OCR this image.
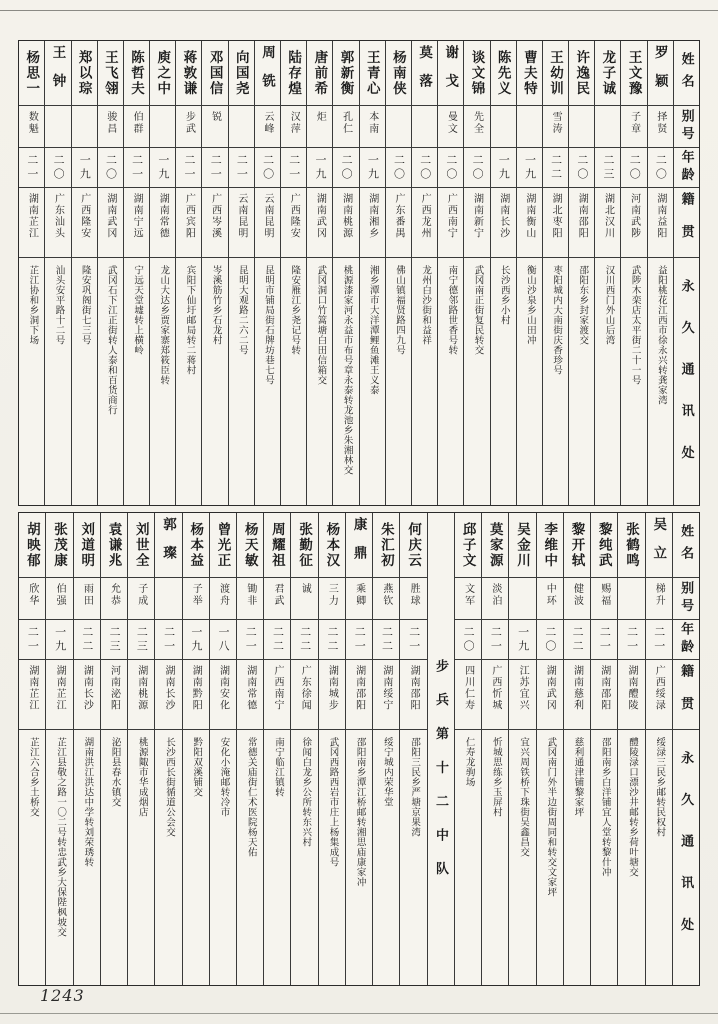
姓名
别号
年龄
籍贯
永久通讯处
罗颖
择贤
二〇
湖南益阳
益阳桃花江西市徐永兴转龚家湾
王文豫
子章
二〇
河南武陟
武陟木栾店太平街二十一号
龙子诚
二三
湖北汉川
汉川西门外山后湾
许逸民
二〇
湖南邵阳
邵阳东乡封家渡交
王幼训
雪涛
二二
湖北枣阳
枣阳城内大南街庆香珍号
曹夫特
一九
湖南衡山
衡山沙泉乡山田冲
陈先义
一九
湖南长沙
长沙西乡小村
谈文锦
先全
二〇
湖南新宁
武冈南正街复民转交
谢戈
曼文
二〇
广西南宁
南宁德邻路世香号转
莫落
二〇
广西龙州
龙州白沙街和益祥
杨南侠
二〇
广东番禺
佛山镇福贤路四九号
王青心
本南
一九
湖南湘乡
湘乡潭市大洋潭鲤鱼滩王义泰
郭新衡
孔仁
二〇
湖南桃源
桃源漆家河永益市布号章永泰转龙池乡朱湘林交
唐前希
炬
一九
湖南武冈
武冈洞口竹篙塘白田信箱交
陆存煌
汉萍
二一
广西隆安
隆安雁江乡尧记号转
周铣
云峰
二〇
云南昆明
昆明市铺局街石牌坊巷七号
向国尧
二一
云南昆明
昆明大观路二六二号
邓国信
锐
二一
广西岑溪
岑溪筋竹乡石龙村
蒋敦谦
步武
二一
广西宾阳
宾阳下仙圩邮局转二蒋村
庾之中
一九
湖南常德
龙山大达乡贾家寨郑筱臣转
陈哲夫
伯群
二一
湖南宁远
宁远天堂墟转上横岭
王飞翎
骏昌
二〇
湖南武冈
武冈石下江正街转人泰和百货商行
郑以琮
一九
广西隆安
隆安巩阁街七三号
王钟
二〇
广东汕头
汕头安平路十二号
杨思一
数魁
二一
湖南芷江
芷江协和乡洞下场
姓名
别号
年龄
籍贯
永久通讯处
吴立
梯升
二一
广西绥渌
绥渌三民乡邮转民权村
张鹤鸣
二一
湖南醴陵
醴陵渌口漂沙井邮转乡荷叶塘交
黎纯武
赐福
二一
湖南邵阳
邵阳南乡白洋铺宜人堂转黎什冲
黎开轼
健波
二二
湖南慈利
慈利通津铺黎家坪
李维中
中环
二〇
湖南武冈
武冈南门外半边街周同和转交文家坪
吴金川
一九
江苏宜兴
宜兴周铁桥下珠街吴鑫昌交
莫家源
淡泊
二一
广西忻城
忻城思练乡玉屏村
邱子文
文军
二〇
四川仁寿
仁寿龙驹场
步兵第十二中队
何庆云
胜球
二一
湖南邵阳
邵阳三民乡严塘京果湾
朱汇初
燕钦
二二
湖南绥宁
绥宁城内荣华堂
康鼎
乘卿
二一
湖南邵阳
邵阳南乡潭江桥邮转湘思庙康家冲
杨本汉
三力
二二
湖南城步
武冈西路西岩市庄上杨集成号
张勤征
诚
二二
广东徐闻
徐闻白龙乡公所转东兴村
周耀祖
君武
二二
广西南宁
南宁临江镇转
杨天敏
锄非
二一
湖南常德
常德关庙街仁术医院杨天佑
曾光正
渡舟
一八
湖南安化
安化小淹邮转冷市
杨本益
子举
一九
湖南黔阳
黔阳双溪铺交
郭璨
二一
湖南长沙
长沙西长街循道公会交
刘世全
子成
二三
湖南桃源
桃源陬市华成烟店
袁谦兆
允恭
二三
河南泌阳
泌阳县春水镇交
刘道明
雨田
二二
湖南长沙
湖南洪江洪达中学转刘荣琇转
张茂康
伯强
一九
湖南芷江
芷江县敬之路一〇二号转忠武乡大保陛枫坡交
胡映郁
欣华
二一
湖南芷江
芷江六合乡土桥交
1243
